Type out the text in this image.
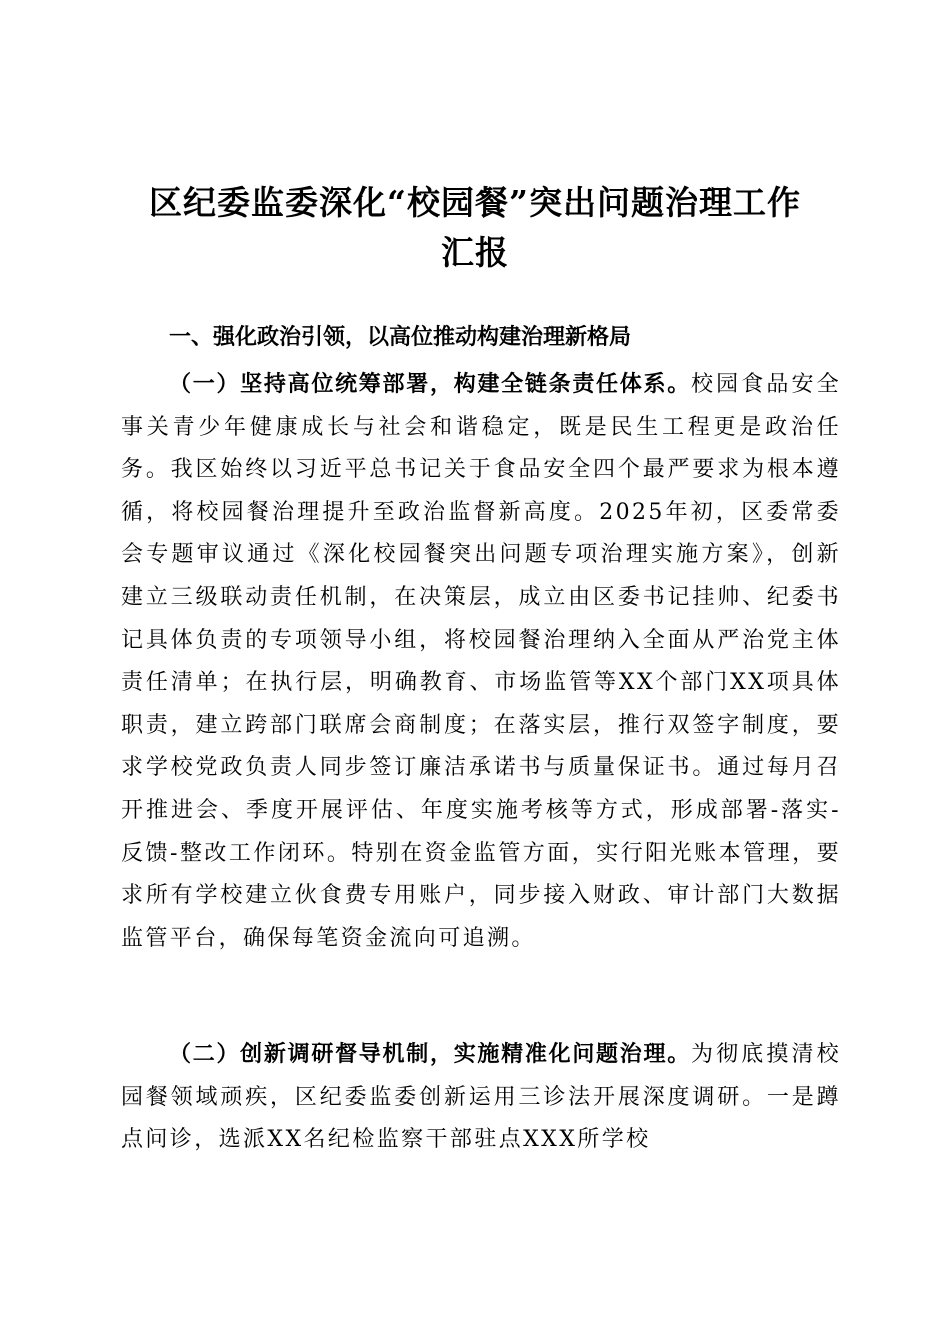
区纪委监委深化“校园餐”突出问题治理工作
汇报
一、强化政治引领，以高位推动构建治理新格局
（一）坚持高位统筹部署，构建全链条责任体系。校园食品安全事关青少年健康成长与社会和谐稳定，既是民生工程更是政治任务。我区始终以习近平总书记关于食品安全四个最严要求为根本遵循，将校园餐治理提升至政治监督新高度。2025年初，区委常委会专题审议通过《深化校园餐突出问题专项治理实施方案》，创新建立三级联动责任机制，在决策层，成立由区委书记挂帅、纪委书记具体负责的专项领导小组，将校园餐治理纳入全面从严治党主体责任清单；在执行层，明确教育、市场监管等XX个部门XX项具体职责，建立跨部门联席会商制度；在落实层，推行双签字制度，要求学校党政负责人同步签订廉洁承诺书与质量保证书。通过每月召开推进会、季度开展评估、年度实施考核等方式，形成部署-落实-反馈-整改工作闭环。特别在资金监管方面，实行阳光账本管理，要求所有学校建立伙食费专用账户，同步接入财政、审计部门大数据监管平台，确保每笔资金流向可追溯。
（二）创新调研督导机制，实施精准化问题治理。为彻底摸清校园餐领域顽疾，区纪委监委创新运用三诊法开展深度调研。一是蹲点问诊，选派XX名纪检监察干部驻点XXX所学校
